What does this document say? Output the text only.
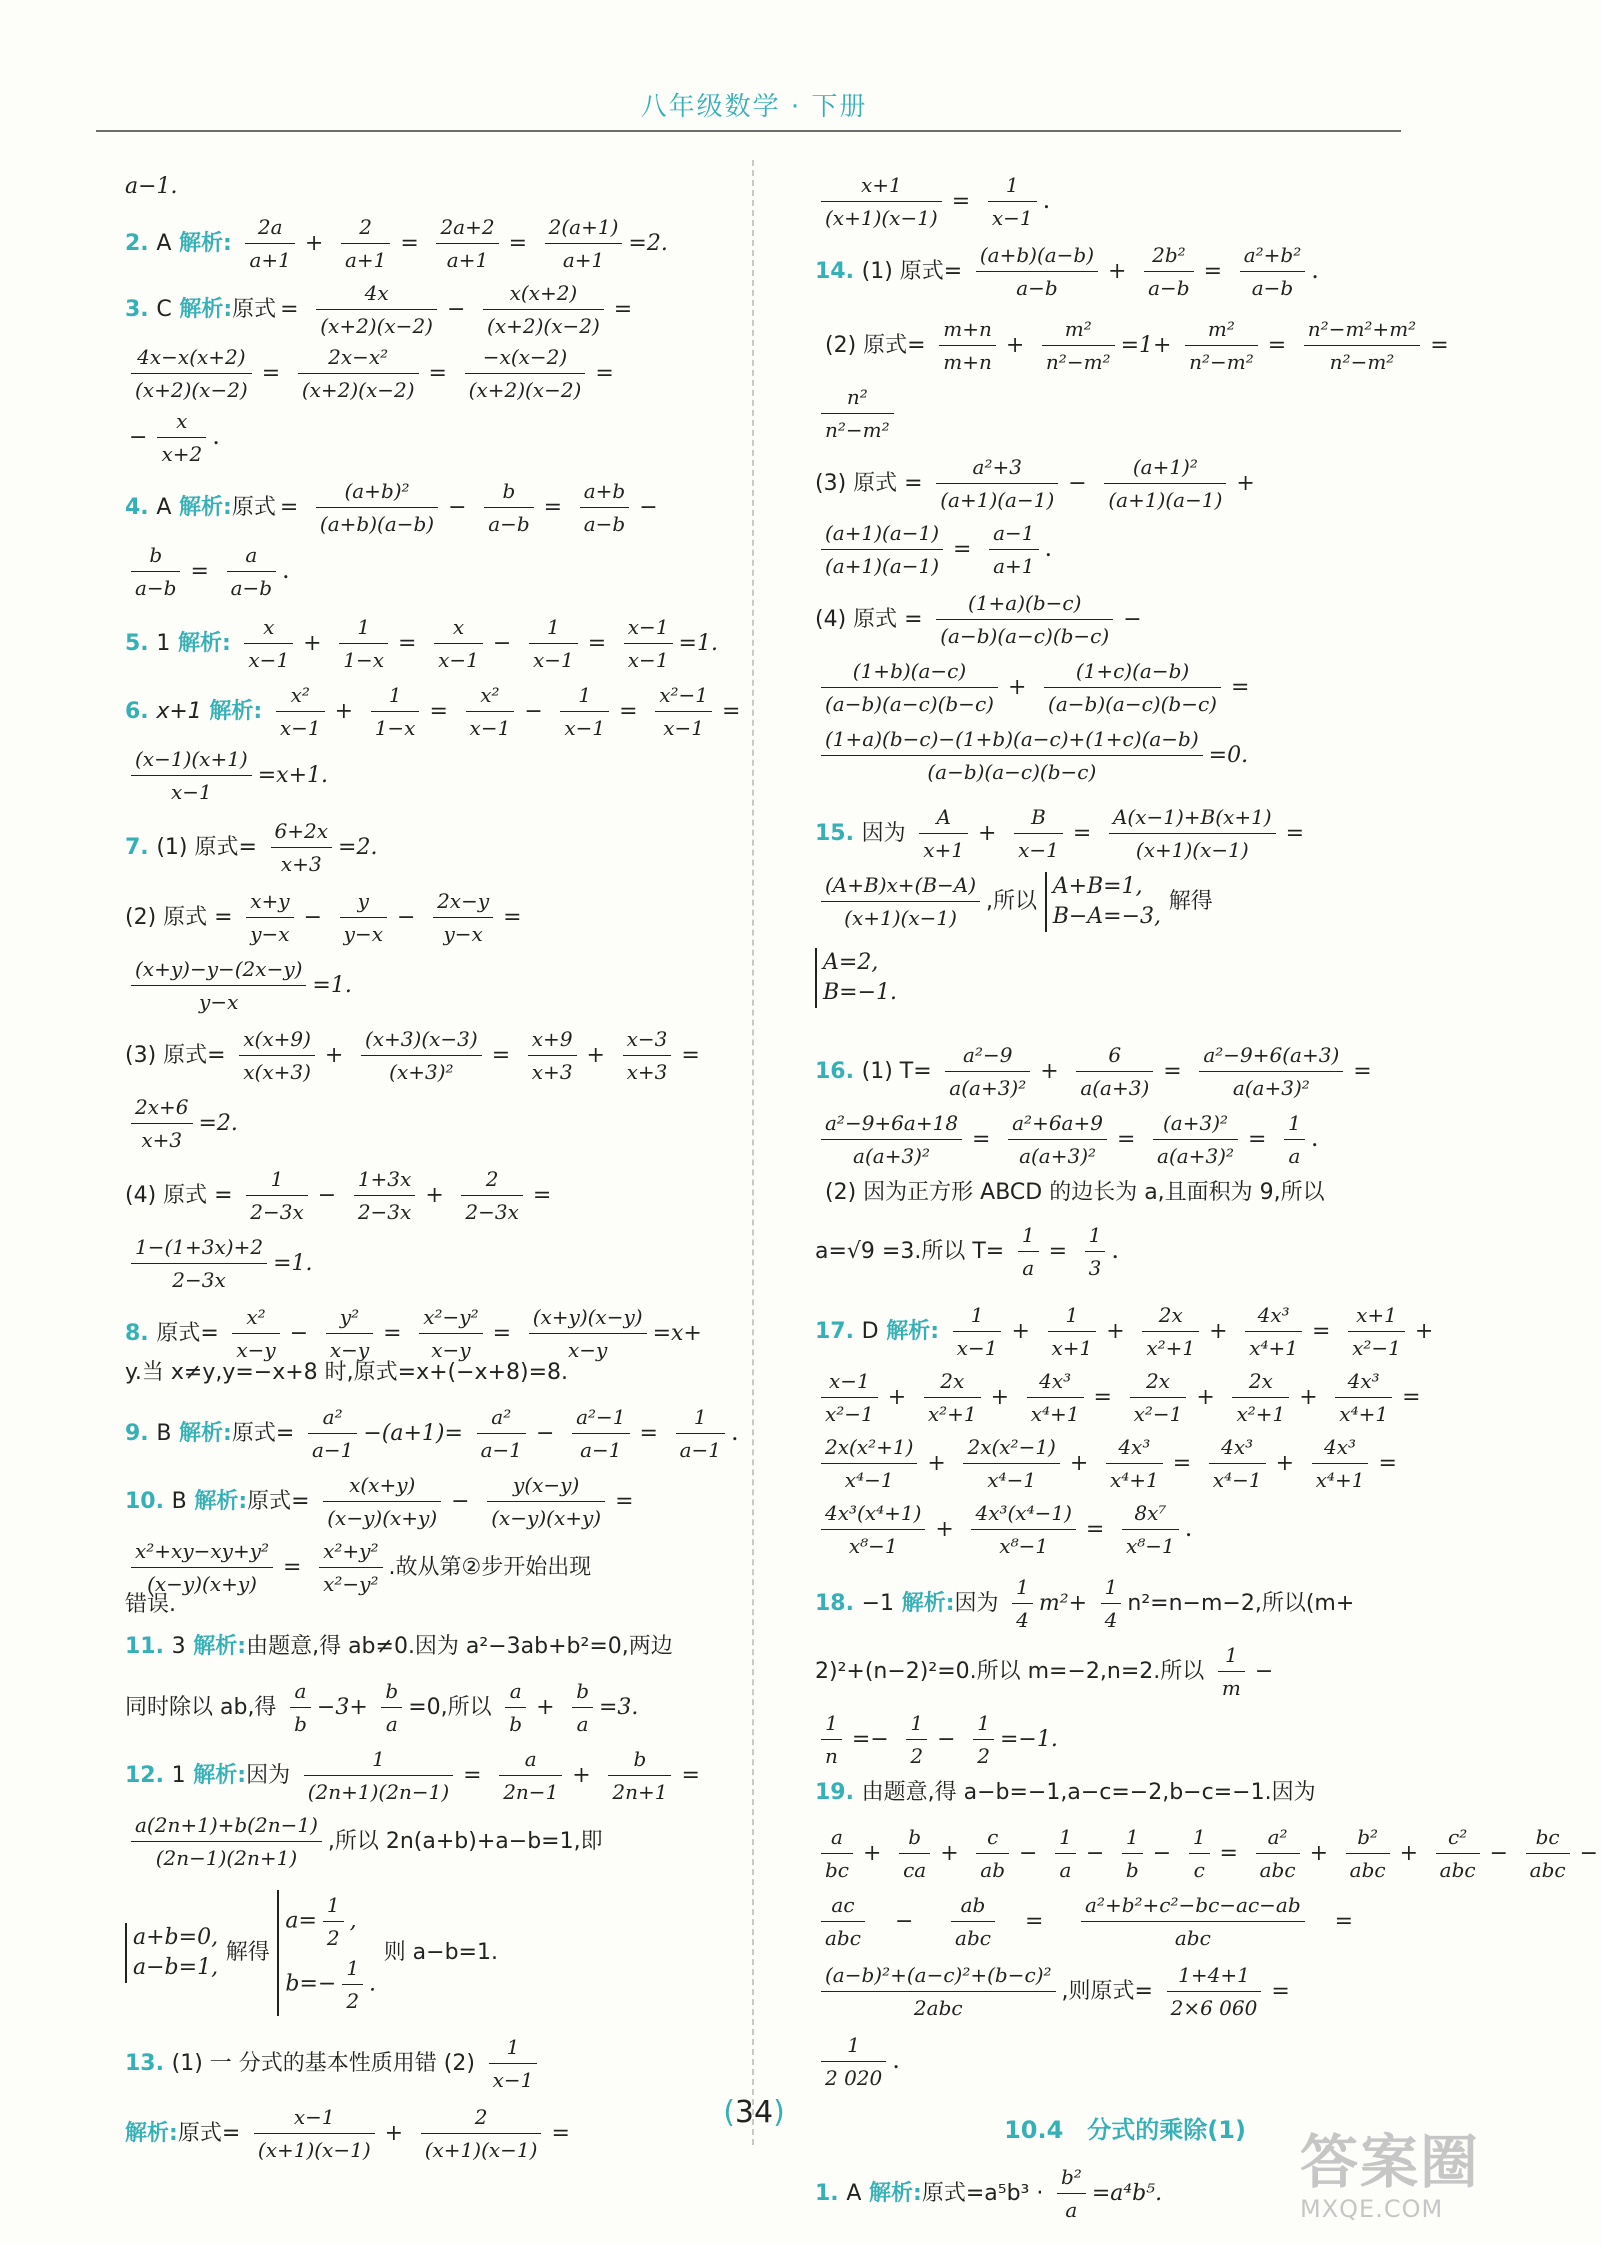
八年级数学 · 下册
a−1.
2. A 解析: $\frac{2a}{a+1} + \frac{2}{a+1} = \frac{2a+2}{a+1} = \frac{2(a+1)}{a+1} =2$.
3. C 解析:原式 = $\frac{4x}{(x+2)(x-2)} - \frac{x(x+2)}{(x+2)(x-2)}$ =
$\frac{4x-x(x+2)}{(x+2)(x-2)} = \frac{\text{2x−x²}}{(x+2)(x-2)} = \frac{-x(x-2)}{(x+2)(x-2)}$ =
− $\frac{x}{x+2}$ .
4. A 解析:原式 = $\frac{\text{(a+b)²}}{(a+b)(a-b)} - \frac{b}{a-b} = \frac{a+b}{a-b}$ −
$\frac{b}{a-b} = \frac{a}{a-b}$ .
5. 1 解析: $\frac{x}{x-1} + \frac{1}{1-x} = \frac{x}{x-1} - \frac{1}{x-1} = \frac{x-1}{x-1} =1$.
6. x+1 解析: $\frac{\text{x²}}{x-1} + \frac{1}{1-x} = \frac{\text{x²}}{x-1} - \frac{1}{x-1} = \frac{\text{x²−1}}{x-1}$ =
$\frac{(x-1)(x+1)}{x-1} =x+1$.
7. (1) 原式= $\frac{6+2x}{x+3} =2$.
(2) 原式 = $\frac{x+y}{y-x} - \frac{y}{y-x} - \frac{2x-y}{y-x}$ =
$\frac{(x+y)-y-(2x-y)}{y-x} =1$.
(3) 原式= $\frac{x(x+9)}{x(x+3)} + \frac{(x+3)(x-3)}{\text{(x+3)²}} = \frac{x+9}{x+3} + \frac{x-3}{x+3}$ =
$\frac{2x+6}{x+3} =2$.
(4) 原式 = $\frac{1}{2-3x} - \frac{1+3x}{2-3x} + \frac{2}{2-3x}$ =
$\frac{1-(1+3x)+2}{2-3x} =1$.
8. 原式= $\frac{\text{x²}}{x-y} - \frac{\text{y²}}{x-y} = \frac{\text{x²−y²}}{x-y} = \frac{(x+y)(x-y)}{x-y} =x+$
y.当 x≠y,y=−x+8 时,原式=x+(−x+8)=8.
9. B 解析:原式= $\frac{\text{a²}}{a-1} -(a+1)= \frac{\text{a²}}{a-1} - \frac{\text{a²−1}}{a-1} = \frac{1}{a-1}$ .
10. B 解析:原式= $\frac{x(x+y)}{(x-y)(x+y)} - \frac{y(x-y)}{(x-y)(x+y)}$ =
$\frac{\text{x²+xy−xy+y²}}{(x-y)(x+y)} = \frac{\text{x²+y²}}{\text{x²−y²}}$ .故从第②步开始出现
错误.
11. 3 解析:由题意,得 ab≠0.因为 a²−3ab+b²=0,两边
同时除以 ab,得 $\frac{a}{b} -3+ \frac{b}{a} =0$,所以 $\frac{a}{b} + \frac{b}{a} =3$.
12. 1 解析:因为 $\frac{1}{(2n+1)(2n-1)} = \frac{a}{2n-1} + \frac{b}{2n+1}$ =
$\frac{a(2n+1)+b(2n-1)}{(2n-1)(2n+1)}$ ,所以 2n(a+b)+a−b=1,即
a+b=0,
a−b=1,
解得
$a= \frac{1}{2}$ ,
$b=- \frac{1}{2}$ .
则 a−b=1.
13. (1) 一 分式的基本性质用错 $(2) \frac{1}{x-1}$
解析:原式= $\frac{x-1}{(x+1)(x-1)} + \frac{2}{(x+1)(x-1)}$ =
$\frac{x+1}{(x+1)(x-1)} = \frac{1}{x-1}$ .
14. (1) 原式= $\frac{(a+b)(a-b)}{a-b} + \frac{\text{2b²}}{a-b} = \frac{\text{a²+b²}}{a-b}$ .
(2) 原式= $\frac{m+n}{m+n} + \frac{\text{m²}}{\text{n²−m²}} =1+ \frac{\text{m²}}{\text{n²−m²}} = \frac{\text{n²−m²+m²}}{\text{n²−m²}}$ =
$\frac{\text{n²}}{\text{n²−m²}}$
(3) 原式 = $\frac{\text{a²+3}}{(a+1)(a-1)} - \frac{\text{(a+1)²}}{(a+1)(a-1)}$ +
$\frac{(a+1)(a-1)}{(a+1)(a-1)} = \frac{a-1}{a+1}$ .
(4) 原式 = $\frac{(1+a)(b-c)}{(a-b)(a-c)(b-c)}$ −
$\frac{(1+b)(a-c)}{(a-b)(a-c)(b-c)} + \frac{(1+c)(a-b)}{(a-b)(a-c)(b-c)}$ =
$\frac{(1+a)(b-c)-(1+b)(a-c)+(1+c)(a-b)}{(a-b)(a-c)(b-c)} =0$.
15. 因为 $\frac{A}{x+1} + \frac{B}{x-1} = \frac{A(x-1)+B(x+1)}{(x+1)(x-1)}$ =
$\frac{(A+B)x+(B-A)}{(x+1)(x-1)}$ ,所以
A+B=1,
B−A=−3,
解得
A=2,
B=−1.
16. (1) $T= \frac{\text{a²−9}}{\text{a(a+3)²}} + \frac{6}{a(a+3)} = \frac{\text{a²−9+6(a+3)}}{\text{a(a+3)²}}$ =
$\frac{\text{a²−9+6a+18}}{\text{a(a+3)²}} = \frac{\text{a²+6a+9}}{\text{a(a+3)²}} = \frac{\text{(a+3)²}}{\text{a(a+3)²}} = \frac{1}{a}$ .
(2) 因为正方形 ABCD 的边长为 a,且面积为 9,所以
a=√9 =3.所以 $T= \frac{1}{a} = \frac{1}{3}$ .
17. D 解析: $\frac{1}{x-1} + \frac{1}{x+1} + \frac{2x}{\text{x²+1}} + \frac{\text{4x³}}{\text{x⁴+1}} = \frac{x+1}{\text{x²−1}}$ +
$\frac{x-1}{\text{x²−1}} + \frac{2x}{\text{x²+1}} + \frac{\text{4x³}}{\text{x⁴+1}} = \frac{2x}{\text{x²−1}} + \frac{2x}{\text{x²+1}} + \frac{\text{4x³}}{\text{x⁴+1}}$ =
$\frac{\text{2x(x²+1)}}{\text{x⁴−1}} + \frac{\text{2x(x²−1)}}{\text{x⁴−1}} + \frac{\text{4x³}}{\text{x⁴+1}} = \frac{\text{4x³}}{\text{x⁴−1}} + \frac{\text{4x³}}{\text{x⁴+1}}$ =
$\frac{\text{4x³(x⁴+1)}}{\text{x⁸−1}} + \frac{\text{4x³(x⁴−1)}}{\text{x⁸−1}} = \frac{\text{8x⁷}}{\text{x⁸−1}}$ .
18. −1 解析:因为 $\frac{1}{4} m^2+ \frac{1}{4} n^2=n-m-2$,所以(m+
2)²+(n−2)²=0.所以 m=−2,n=2.所以 $\frac{1}{m}$ −
$\frac{1}{n} =- \frac{1}{2} - \frac{1}{2} =-1$.
19. 由题意,得 a−b=−1,a−c=−2,b−c=−1.因为
$\frac{a}{bc} + \frac{b}{ca} + \frac{c}{ab} - \frac{1}{a} - \frac{1}{b} - \frac{1}{c} = \frac{\text{a²}}{\text{abc}} + \frac{\text{b²}}{\text{abc}} + \frac{\text{c²}}{\text{abc}} - \frac{bc}{\text{abc}}$ −
$\frac{ac}{\text{abc}} - \frac{ab}{\text{abc}} = \frac{\text{a²+b²+c²−bc−ac−ab}}{\text{abc}}$ =
$\frac{\text{(a−b)²+(a−c)²+(b−c)²}}{\text{2abc}}$ ,则原式= $\frac{1+4+1}{2\times 6 060}$ =
$\frac{1}{2 020}$ .
10.4　分式的乘除(1)
1. A 解析:原式$=a^5b^3 \cdot \frac{\text{b²}}{a} =a^4b^5$.
(34)
答案圈
MXQE.COM
